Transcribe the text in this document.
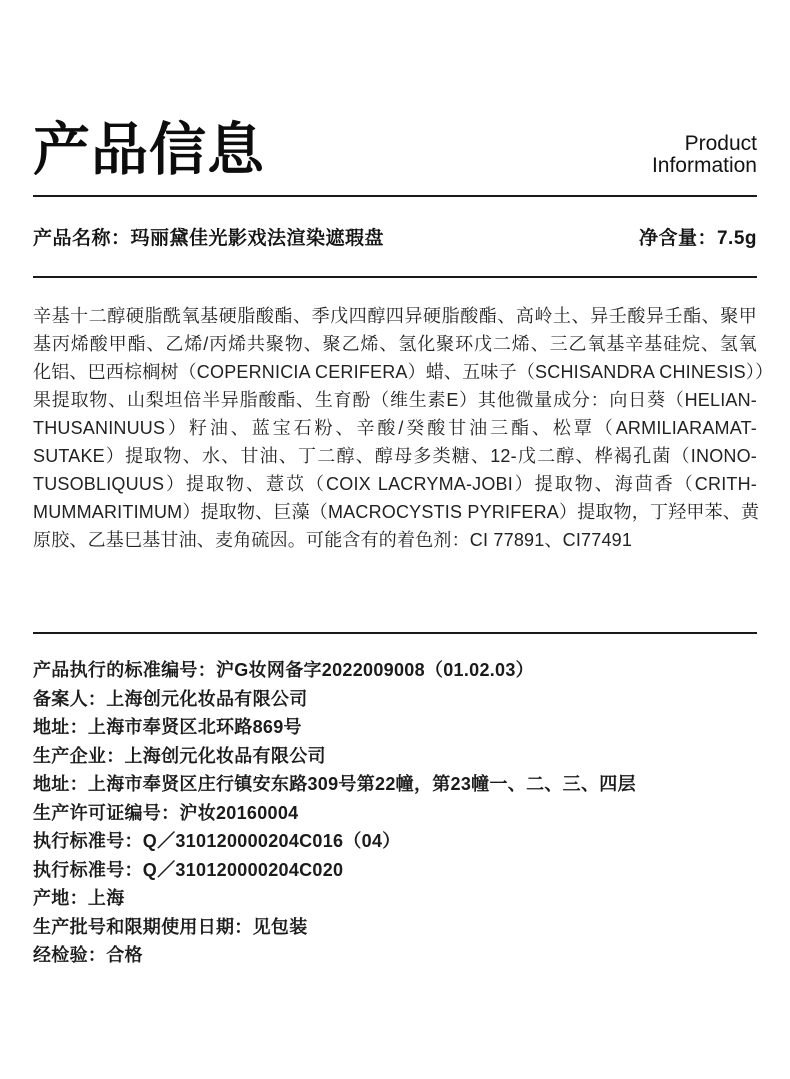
产品信息	Product
Information
产品名称：玛丽黛佳光影戏法渲染遮瑕盘	净含量：7.5g
辛基十二醇硬脂酰氧基硬脂酸酯、季戊四醇四异硬脂酸酯、高岭土、异壬酸异壬酯、聚甲
基丙烯酸甲酯、乙烯/丙烯共聚物、聚乙烯、氢化聚环戊二烯、三乙氧基辛基硅烷、氢氧
化铝、巴西棕榈树（COPERNICIA CERIFERA）蜡、五味子（SCHISANDRA CHINESIS））
果提取物、山梨坦倍半异脂酸酯、生育酚（维生素E）其他微量成分：向日葵（HELIAN-
THUSANINUUS）籽油、蓝宝石粉、辛酸/癸酸甘油三酯、松覃（ARMILIARAMAT-
SUTAKE）提取物、水、甘油、丁二醇、醇母多类糖、12-戊二醇、桦褐孔菌（INONO-
TUSOBLIQUUS）提取物、薏苡（COIX LACRYMA-JOBI）提取物、海茴香（CRITH-
MUMMARITIMUM）提取物、巨藻（MACROCYSTIS PYRIFERA）提取物，丁羟甲苯、黄
原胶、乙基巳基甘油、麦角硫因。可能含有的着色剂：CI 77891、CI77491
产品执行的标准编号：沪G妆网备字2022009008（01.02.03）
备案人：上海创元化妆品有限公司
地址：上海市奉贤区北环路869号
生产企业：上海创元化妆品有限公司
地址：上海市奉贤区庄行镇安东路309号第22幢，第23幢一、二、三、四层
生产许可证编号：沪妆20160004
执行标准号：Q／310120000204C016（04）
执行标准号：Q／310120000204C020
产地：上海
生产批号和限期使用日期：见包装
经检验：合格
